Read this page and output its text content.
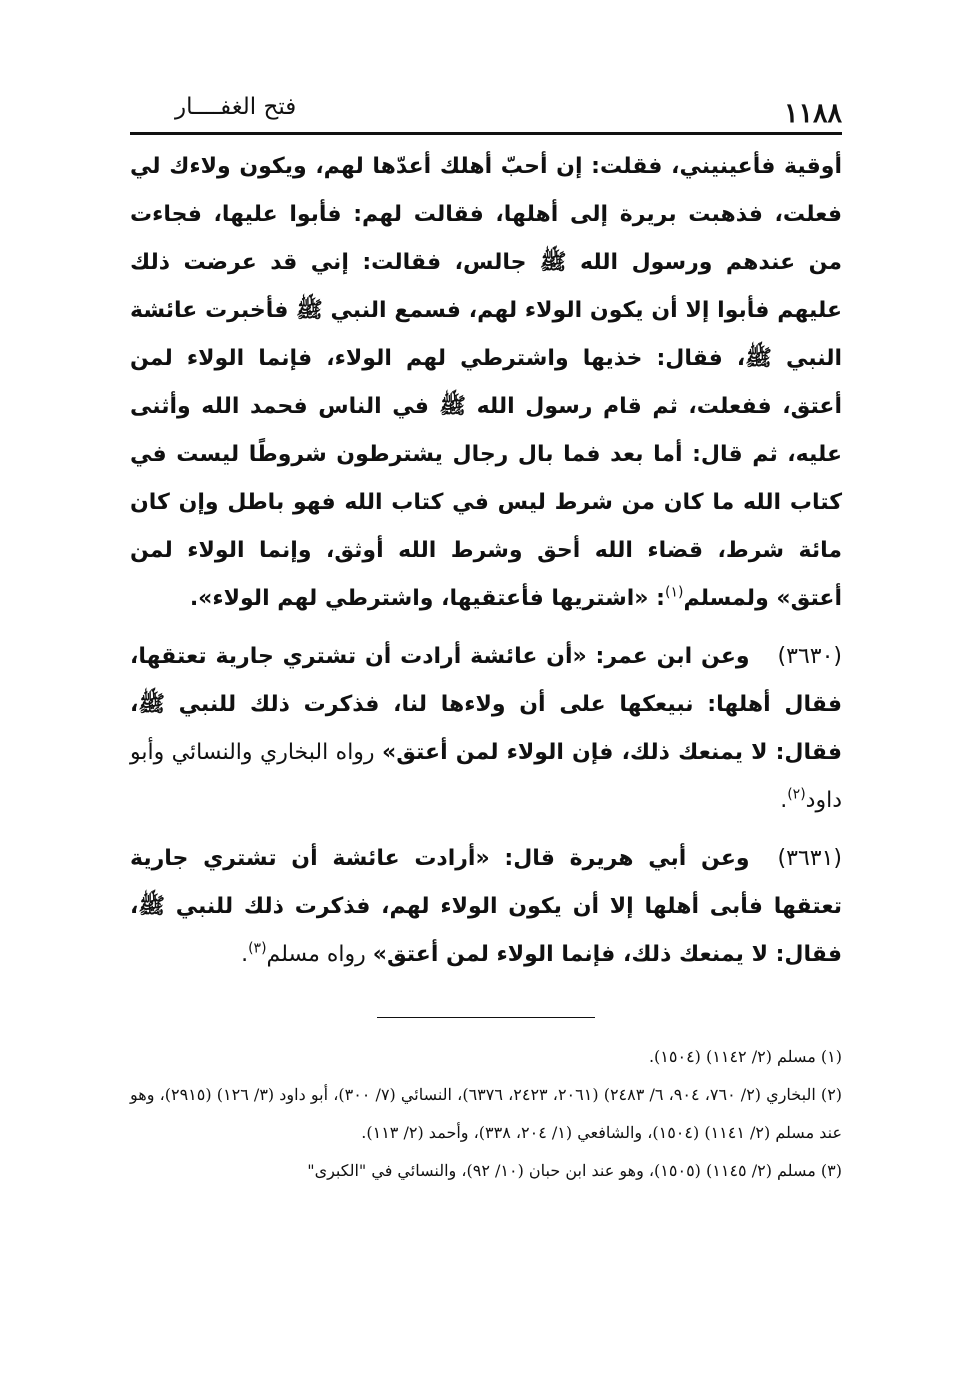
١١٨٨
فتح الغفــــار

أوقية فأعينيني، فقلت: إن أحبّ أهلك أعدّها لهم، ويكون ولاءك لي فعلت، فذهبت بريرة إلى أهلها، فقالت لهم: فأبوا عليها، فجاءت من عندهم ورسول الله ﷺ جالس، فقالت: إني قد عرضت ذلك عليهم فأبوا إلا أن يكون الولاء لهم، فسمع النبي ﷺ فأخبرت عائشة النبي ﷺ، فقال: خذيها واشترطي لهم الولاء، فإنما الولاء لمن أعتق، ففعلت، ثم قام رسول الله ﷺ في الناس فحمد الله وأثنى عليه، ثم قال: أما بعد فما بال رجال يشترطون شروطًا ليست في كتاب الله ما كان من شرط ليس في كتاب الله فهو باطل وإن كان مائة شرط، قضاء الله أحق وشرط الله أوثق، وإنما الولاء لمن أعتق» ولمسلم$^{(١)}$: «اشتريها فأعتقيها، واشترطي لهم الولاء».

(٣٦٣٠)وعن ابن عمر: «أن عائشة أرادت أن تشتري جارية تعتقها، فقال أهلها: نبيعكها على أن ولاءها لنا، فذكرت ذلك للنبي ﷺ، فقال: لا يمنعك ذلك، فإن الولاء لمن أعتق» رواه البخاري والنسائي وأبو داود$^{(٢)}$.

(٣٦٣١)وعن أبي هريرة قال: «أرادت عائشة أن تشتري جارية تعتقها فأبى أهلها إلا أن يكون الولاء لهم، فذكرت ذلك للنبي ﷺ، فقال: لا يمنعك ذلك، فإنما الولاء لمن أعتق» رواه مسلم$^{(٣)}$.

(١) مسلم (٢/ ١١٤٢) (١٥٠٤).

(٢) البخاري (٢/ ٧٦٠، ٩٠٤، ٦/ ٢٤٨٣) (٢٠٦١، ٢٤٢٣، ٦٣٧٦)، النسائي (٧/ ٣٠٠)، أبو داود (٣/ ١٢٦) (٢٩١٥)، وهو عند مسلم (٢/ ١١٤١) (١٥٠٤)، والشافعي (١/ ٢٠٤، ٣٣٨)، وأحمد (٢/ ١١٣).

(٣) مسلم (٢/ ١١٤٥) (١٥٠٥)، وهو عند ابن حبان (١٠/ ٩٢)، والنسائي في "الكبرى"
